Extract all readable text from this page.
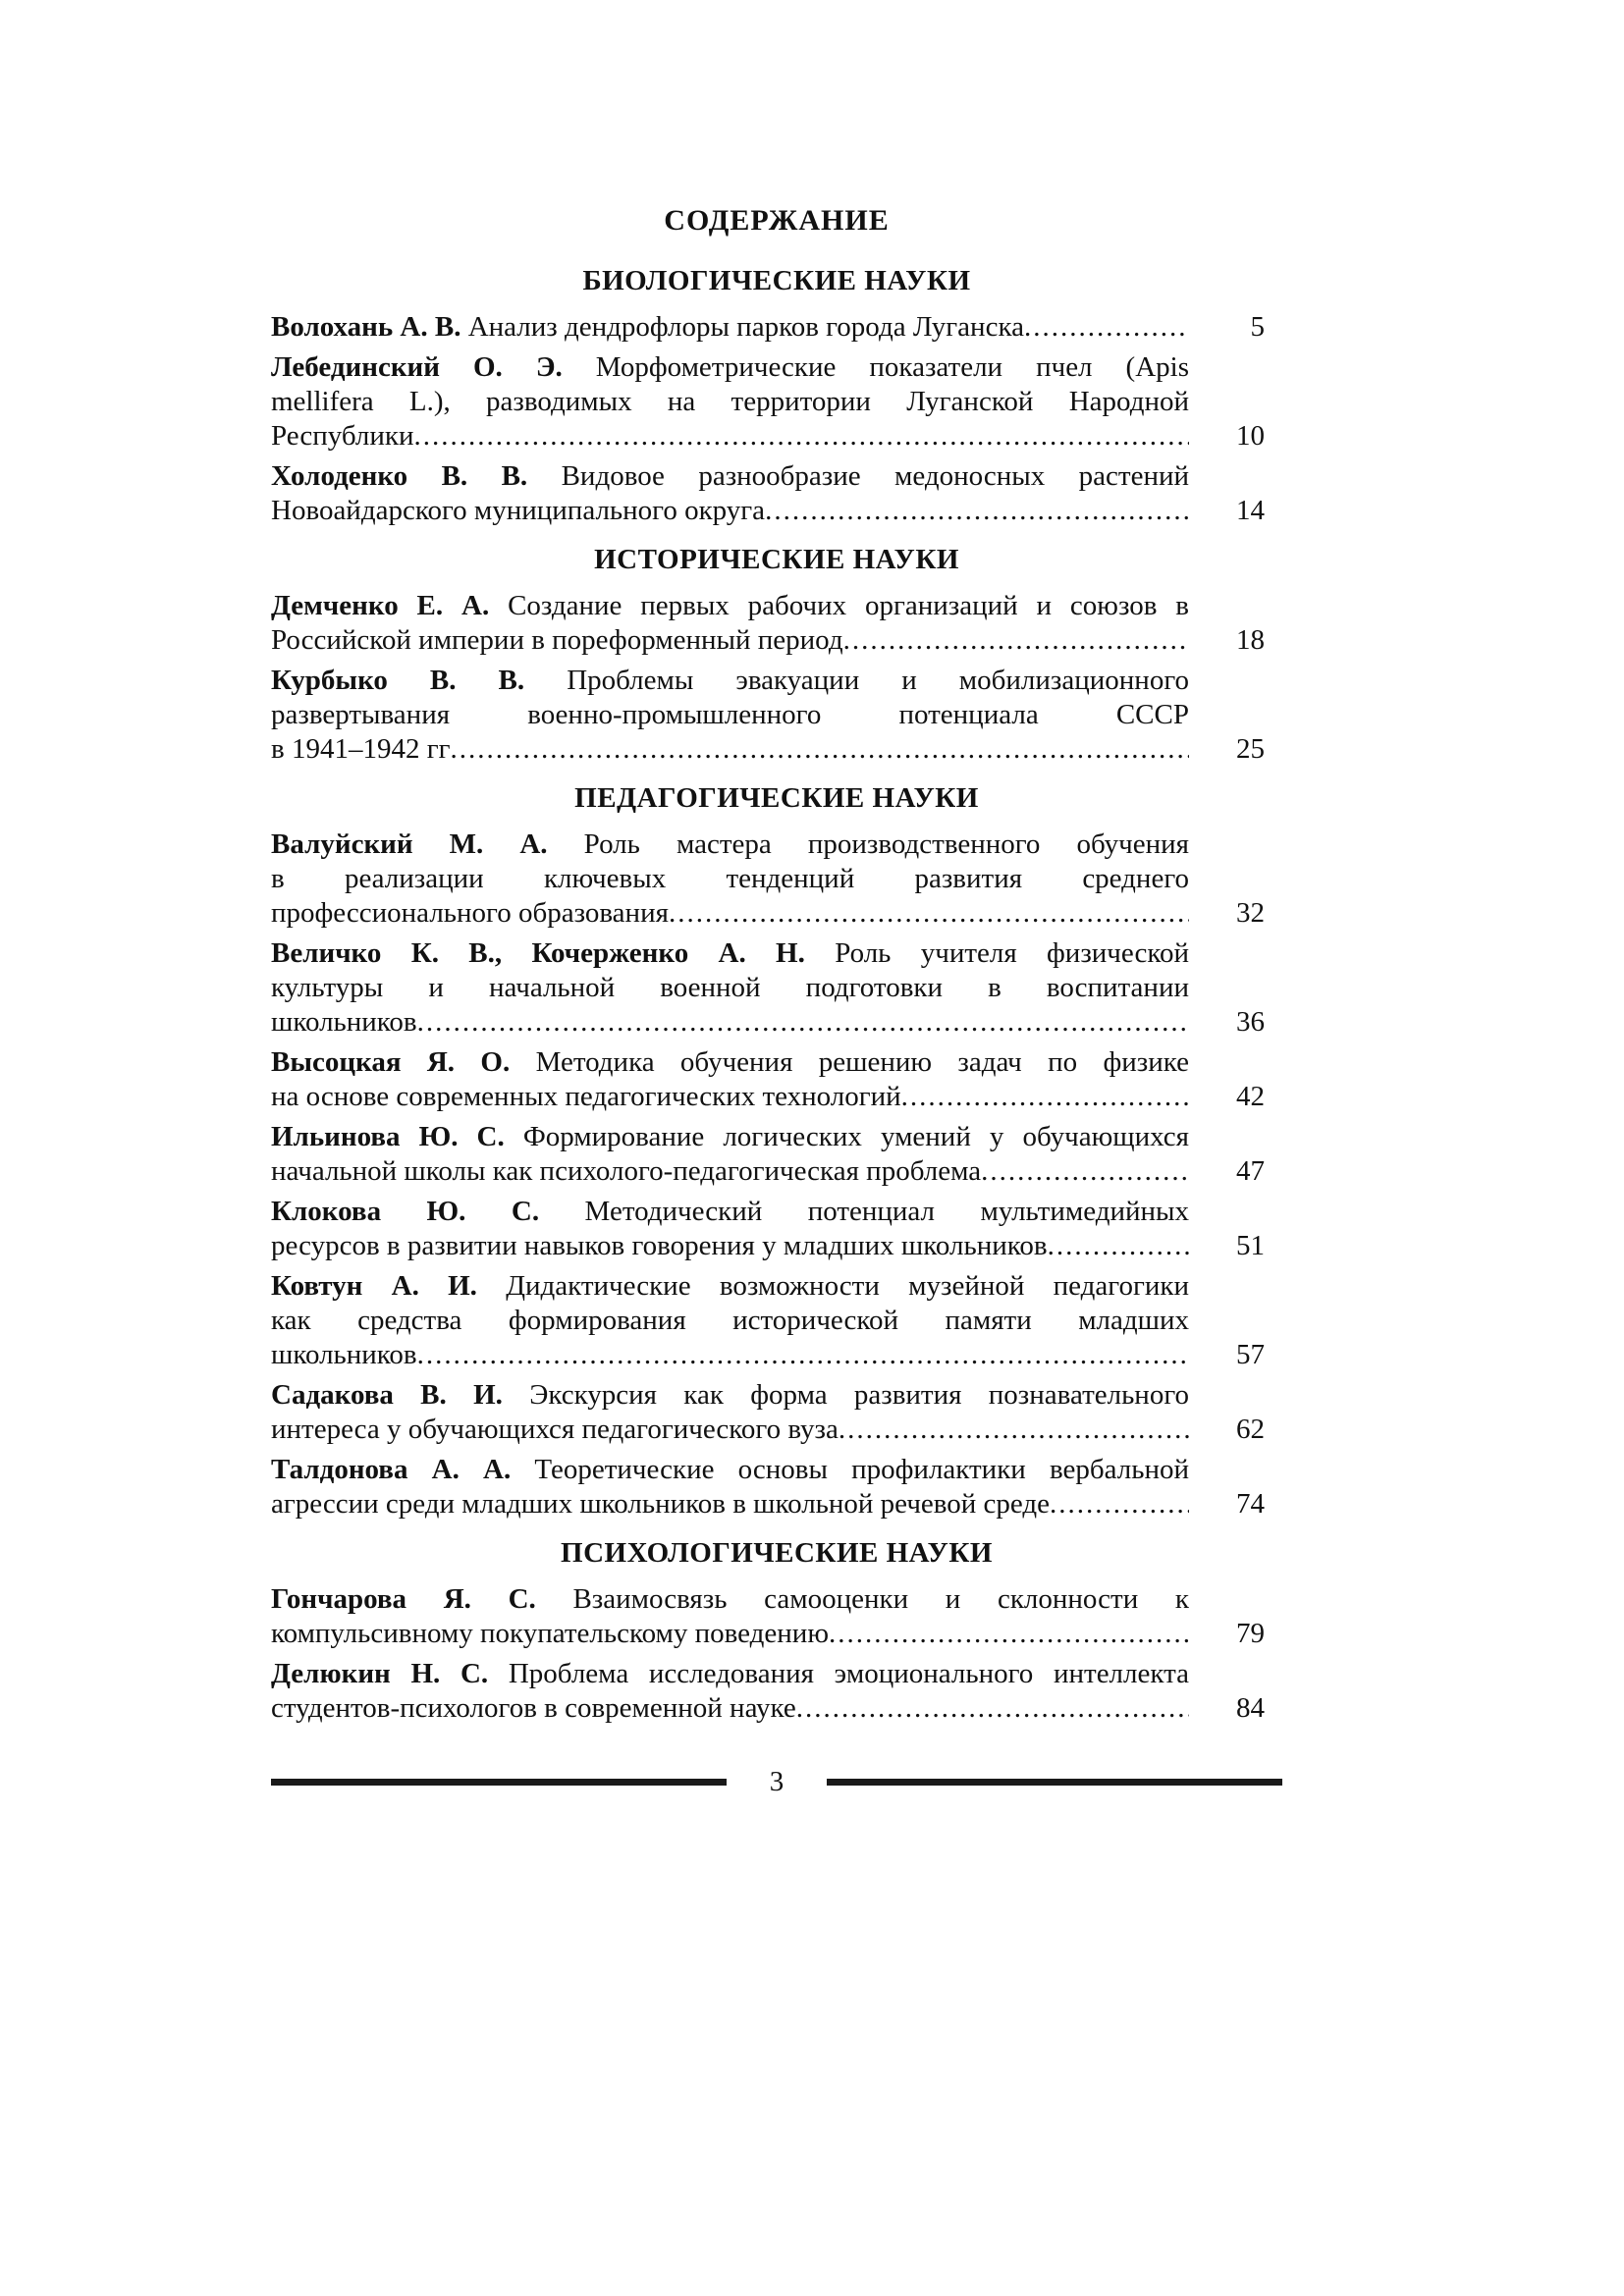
СОДЕРЖАНИЕ
БИОЛОГИЧЕСКИЕ НАУКИ
Волохань А. В. Анализ дендрофлоры парков города Луганска .....	5
Лебединский О. Э. Морфометрические показатели пчел (Apis
mellifera L.), разводимых на территории Луганской Народной
Республики .....	10
Холоденко В. В. Видовое разнообразие медоносных растений
Новоайдарского муниципального округа .....	14
ИСТОРИЧЕСКИЕ НАУКИ
Демченко Е. А. Создание первых рабочих организаций и союзов в
Российской империи в пореформенный период .....	18
Курбыко В. В. Проблемы эвакуации и мобилизационного
развертывания военно-промышленного потенциала СССР
в 1941–1942 гг .....	25
ПЕДАГОГИЧЕСКИЕ НАУКИ
Валуйский М. А. Роль мастера производственного обучения
в реализации ключевых тенденций развития среднего
профессионального образования .....	32
Величко К. В., Кочерженко А. Н. Роль учителя физической
культуры и начальной военной подготовки в воспитании
школьников .....	36
Высоцкая Я. О. Методика обучения решению задач по физике
на основе современных педагогических технологий .....	42
Ильинова Ю. С. Формирование логических умений у обучающихся
начальной школы как психолого-педагогическая проблема .....	47
Клокова Ю. С. Методический потенциал мультимедийных
ресурсов в развитии навыков говорения у младших школьников .....	51
Ковтун А. И. Дидактические возможности музейной педагогики
как средства формирования исторической памяти младших
школьников .....	57
Садакова В. И. Экскурсия как форма развития познавательного
интереса у обучающихся педагогического вуза .....	62
Талдонова А. А. Теоретические основы профилактики вербальной
агрессии среди младших школьников в школьной речевой среде .....	74
ПСИХОЛОГИЧЕСКИЕ НАУКИ
Гончарова Я. С. Взаимосвязь самооценки и склонности к
компульсивному покупательскому поведению .....	79
Делюкин Н. С. Проблема исследования эмоционального интеллекта
студентов-психологов в современной науке .....	84
3
